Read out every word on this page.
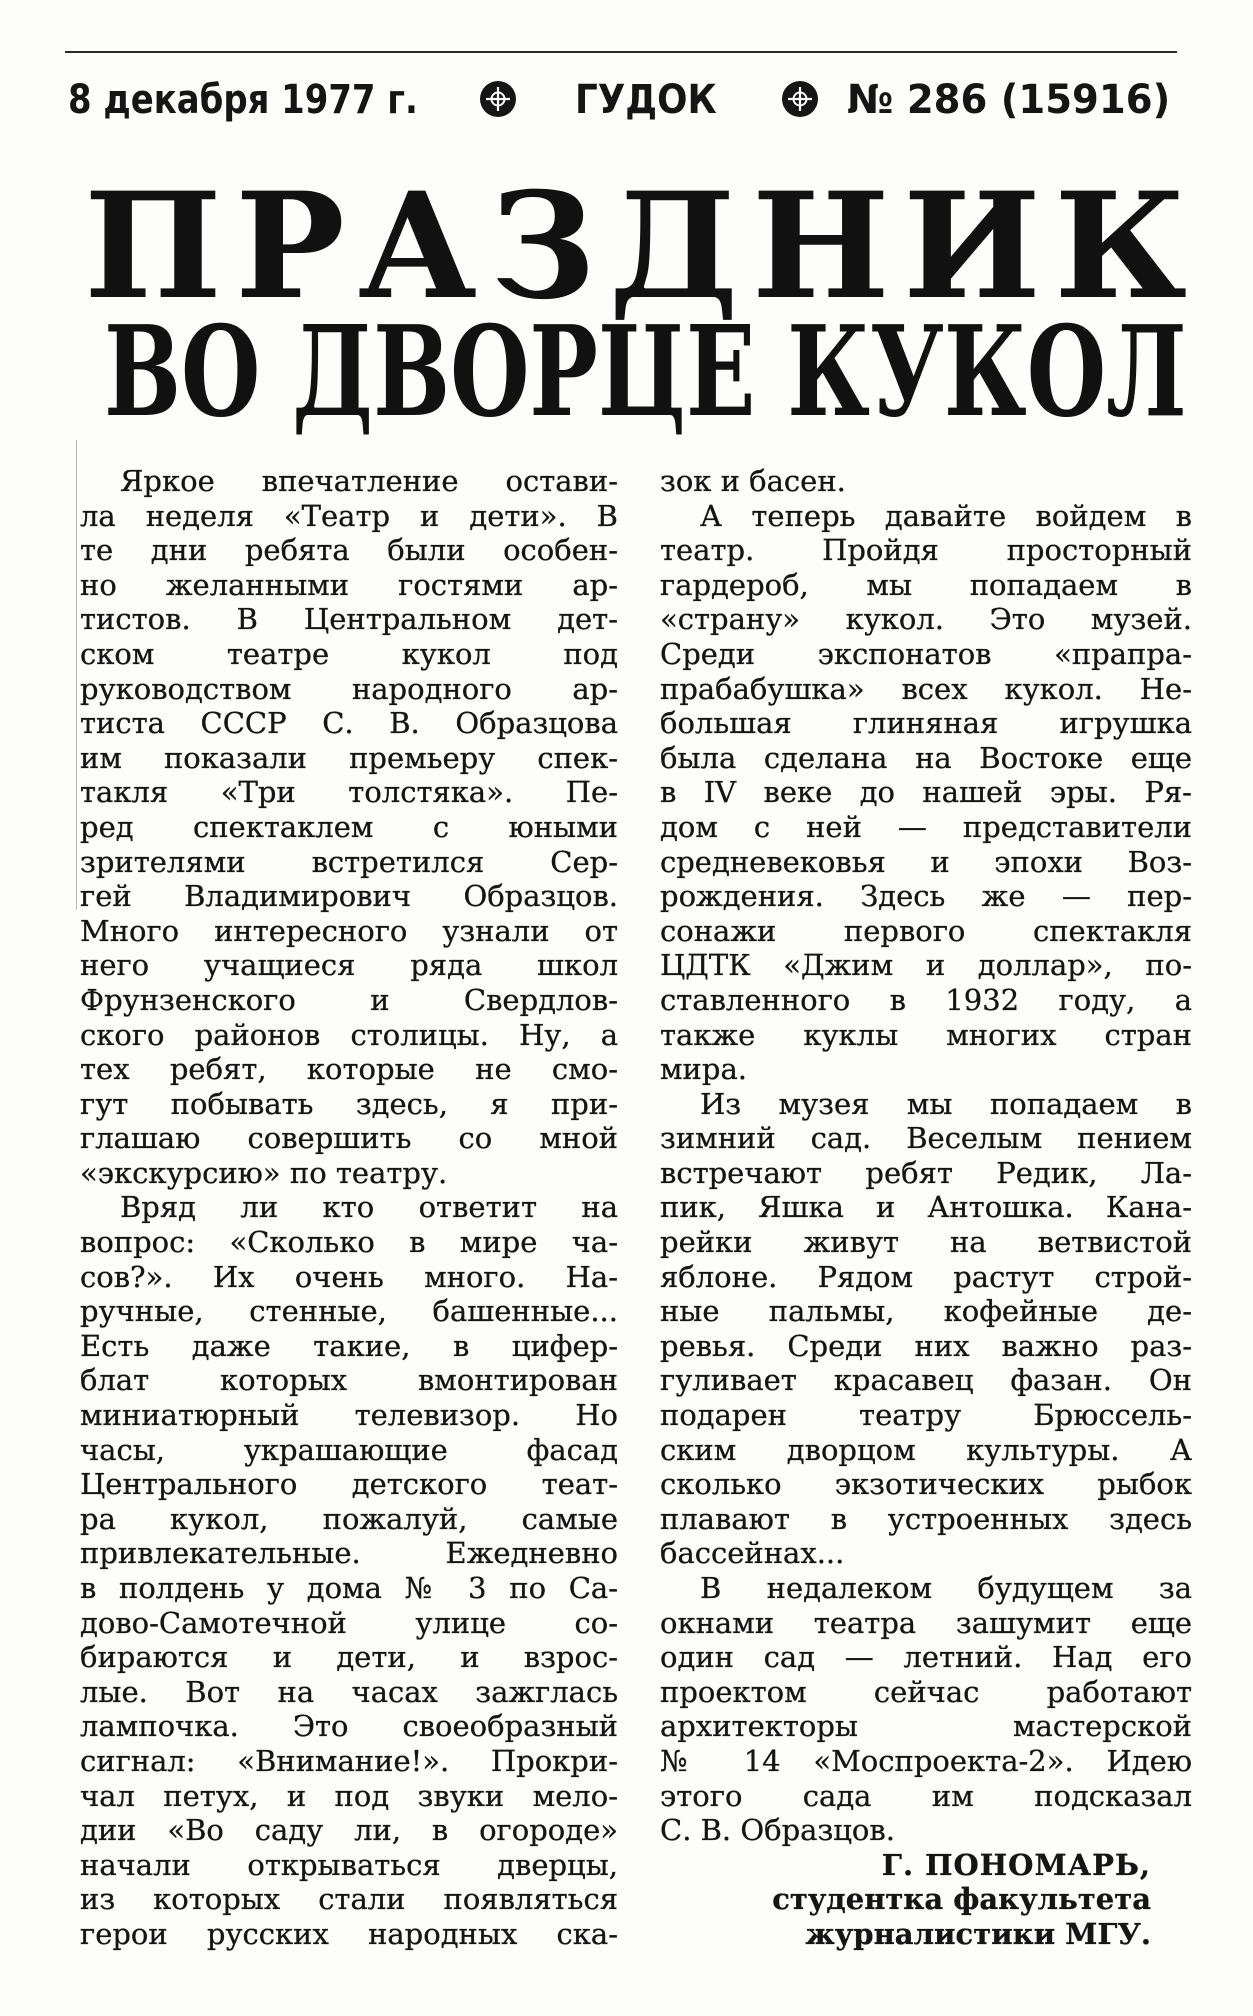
8 декабря 1977 г.	ГУДОК	№ 286 (15916)
П Р А З Д Н И К
ВО ДВОРЦЕ КУКОЛ
Яркое впечатление остави-
ла неделя «Театр и дети». В
те дни ребята были особен-
но желанными гостями ар-
тистов. В Центральном дет-
ском театре кукол под
руководством народного ар-
тиста СССР С. В. Образцова
им показали премьеру спек-
такля «Три толстяка». Пе-
ред спектаклем с юными
зрителями встретился Сер-
гей Владимирович Образцов.
Много интересного узнали от
него учащиеся ряда школ
Фрунзенского и Свердлов-
ского районов столицы. Ну, а
тех ребят, которые не смо-
гут побывать здесь, я при-
глашаю совершить со мной
«экскурсию» по театру.
Вряд ли кто ответит на
вопрос: «Сколько в мире ча-
сов?». Их очень много. На-
ручные, стенные, башенные...
Есть даже такие, в цифер-
блат которых вмонтирован
миниатюрный телевизор. Но
часы, украшающие фасад
Центрального детского теат-
ра кукол, пожалуй, самые
привлекательные. Ежедневно
в полдень у дома № 3 по Са-
дово-Самотечной улице со-
бираются и дети, и взрос-
лые. Вот на часах зажглась
лампочка. Это своеобразный
сигнал: «Внимание!». Прокри-
чал петух, и под звуки мело-
дии «Во саду ли, в огороде»
начали открываться дверцы,
из которых стали появляться
герои русских народных ска-
зок и басен.
А теперь давайте войдем в
театр. Пройдя просторный
гардероб, мы попадаем в
«страну» кукол. Это музей.
Среди экспонатов «прапра-
прабабушка» всех кукол. Не-
большая глиняная игрушка
была сделана на Востоке еще
в IV веке до нашей эры. Ря-
дом с ней — представители
средневековья и эпохи Воз-
рождения. Здесь же — пер-
сонажи первого спектакля
ЦДТК «Джим и доллар», по-
ставленного в 1932 году, а
также куклы многих стран
мира.
Из музея мы попадаем в
зимний сад. Веселым пением
встречают ребят Редик, Ла-
пик, Яшка и Антошка. Кана-
рейки живут на ветвистой
яблоне. Рядом растут строй-
ные пальмы, кофейные де-
ревья. Среди них важно раз-
гуливает красавец фазан. Он
подарен театру Брюссель-
ским дворцом культуры. А
сколько экзотических рыбок
плавают в устроенных здесь
бассейнах...
В недалеком будущем за
окнами театра зашумит еще
один сад — летний. Над его
проектом сейчас работают
архитекторы мастерской
№ 14 «Моспроекта-2». Идею
этого сада им подсказал
С. В. Образцов.
Г. ПОНОМАРЬ,
студентка факультета
журналистики МГУ.
